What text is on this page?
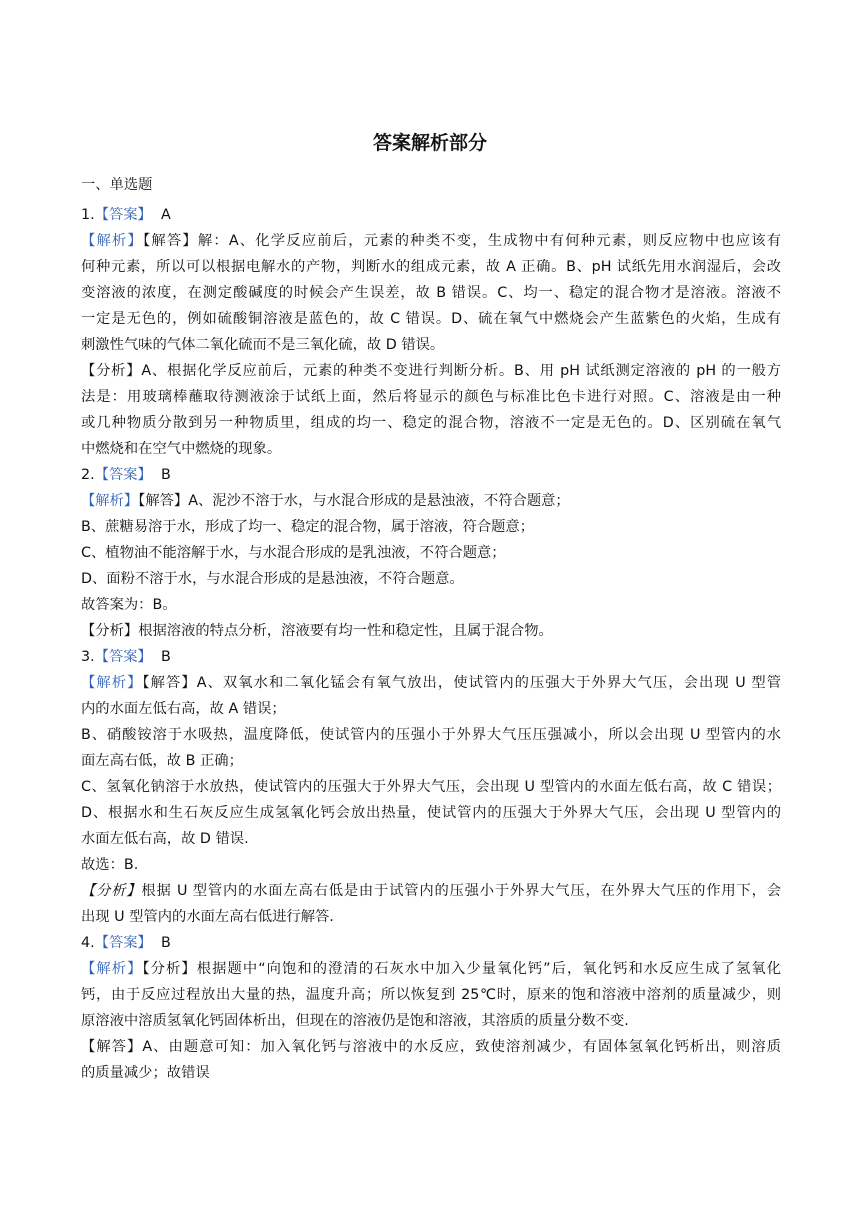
答案解析部分
一、单选题
1.【答案】 A
【解析】【解答】解：A、化学反应前后，元素的种类不变，生成物中有何种元素，则反应物中也应该有
何种元素，所以可以根据电解水的产物，判断水的组成元素，故 A 正确。B、pH 试纸先用水润湿后，会改
变溶液的浓度，在测定酸碱度的时候会产生误差，故 B 错误。C、均一、稳定的混合物才是溶液。溶液不
一定是无色的，例如硫酸铜溶液是蓝色的，故 C 错误。D、硫在氧气中燃烧会产生蓝紫色的火焰，生成有
刺激性气味的气体二氧化硫而不是三氧化硫，故 D 错误。
【分析】A、根据化学反应前后，元素的种类不变进行判断分析。B、用 pH 试纸测定溶液的 pH 的一般方
法是：用玻璃棒蘸取待测液涂于试纸上面，然后将显示的颜色与标准比色卡进行对照。C、溶液是由一种
或几种物质分散到另一种物质里，组成的均一、稳定的混合物，溶液不一定是无色的。D、区别硫在氧气
中燃烧和在空气中燃烧的现象。
2.【答案】 B
【解析】【解答】A、泥沙不溶于水，与水混合形成的是悬浊液，不符合题意；
B、蔗糖易溶于水，形成了均一、稳定的混合物，属于溶液，符合题意；
C、植物油不能溶解于水，与水混合形成的是乳浊液，不符合题意；
D、面粉不溶于水，与水混合形成的是悬浊液，不符合题意。
故答案为：B。
【分析】根据溶液的特点分析，溶液要有均一性和稳定性，且属于混合物。
3.【答案】 B
【解析】【解答】A、双氧水和二氧化锰会有氧气放出，使试管内的压强大于外界大气压，会出现 U 型管
内的水面左低右高，故 A 错误；
B、硝酸铵溶于水吸热，温度降低，使试管内的压强小于外界大气压压强减小，所以会出现 U 型管内的水
面左高右低，故 B 正确；
C、氢氧化钠溶于水放热，使试管内的压强大于外界大气压，会出现 U 型管内的水面左低右高，故 C 错误；
D、根据水和生石灰反应生成氢氧化钙会放出热量，使试管内的压强大于外界大气压，会出现 U 型管内的
水面左低右高，故 D 错误.
故选：B.
【分析】根据 U 型管内的水面左高右低是由于试管内的压强小于外界大气压，在外界大气压的作用下，会
出现 U 型管内的水面左高右低进行解答.
4.【答案】 B
【解析】【分析】根据题中“向饱和的澄清的石灰水中加入少量氧化钙”后，氧化钙和水反应生成了氢氧化
钙，由于反应过程放出大量的热，温度升高；所以恢复到 25℃时，原来的饱和溶液中溶剂的质量减少，则
原溶液中溶质氢氧化钙固体析出，但现在的溶液仍是饱和溶液，其溶质的质量分数不变.
【解答】A、由题意可知：加入氧化钙与溶液中的水反应，致使溶剂减少，有固体氢氧化钙析出，则溶质
的质量减少；故错误
